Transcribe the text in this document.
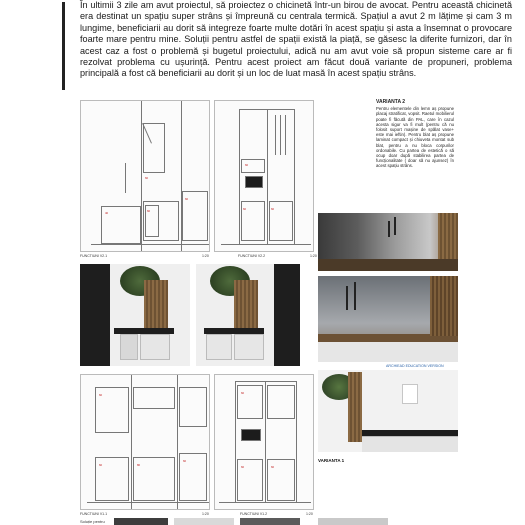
În ultimii 3 zile am avut proiectul, să proiectez o chicinetă într-un birou de avocat. Pentru această chicinetă era destinat un spațiu super strâns și împreună cu centrala termică. Spațiul a avut 2 m lățime și cam 3 m lungime, beneficiarii au dorit să integreze foarte multe dotări în acest spațiu și asta a însemnat o provocare foarte mare pentru mine. Soluții pentru astfel de spații există la piață, se găsesc la diferite furnizori, dar în acest caz a fost o problemă și bugetul proiectului, adică nu am avut voie să propun sisteme care ar fi rezolvat problema cu ușurință. Pentru acest proiect am făcut două variante de propuneri, problema principală a fost că beneficiarii au dorit și un loc de luat masă în acest spațiu strâns.
40	60
60
60
FUNCTIUNI V2.1	1:20
60	60
60
FUNCTIUNI V2.2	1:20
VARIANTA 2
Pentru elementele din lemn aș propune placaj stratificat, vopsit. Raetul mobilierul poate fi făcută din PAL, care în cazul acesta sigur va fi mult (pentru că nu folosit suport mașine de spălat vase+ este mai ieftin). Pentru blat aș propune laminat compact și chiuveta montat sub blat, pentru a nu bloca corpurilor ordonabile. Cu partea de estetică o să ocup doar după stabilirea partea de funcționalitate ( doar să nu ajunsez) în acest spațiu strâns.
ARCHIEAD EDUCATION VERSION
VARIANTA 1
60	80
60
60
FUNCTIUNI V1.1	1:20
60	60
60
FUNCTIUNI V1.2	1:20
Soluție pentru
